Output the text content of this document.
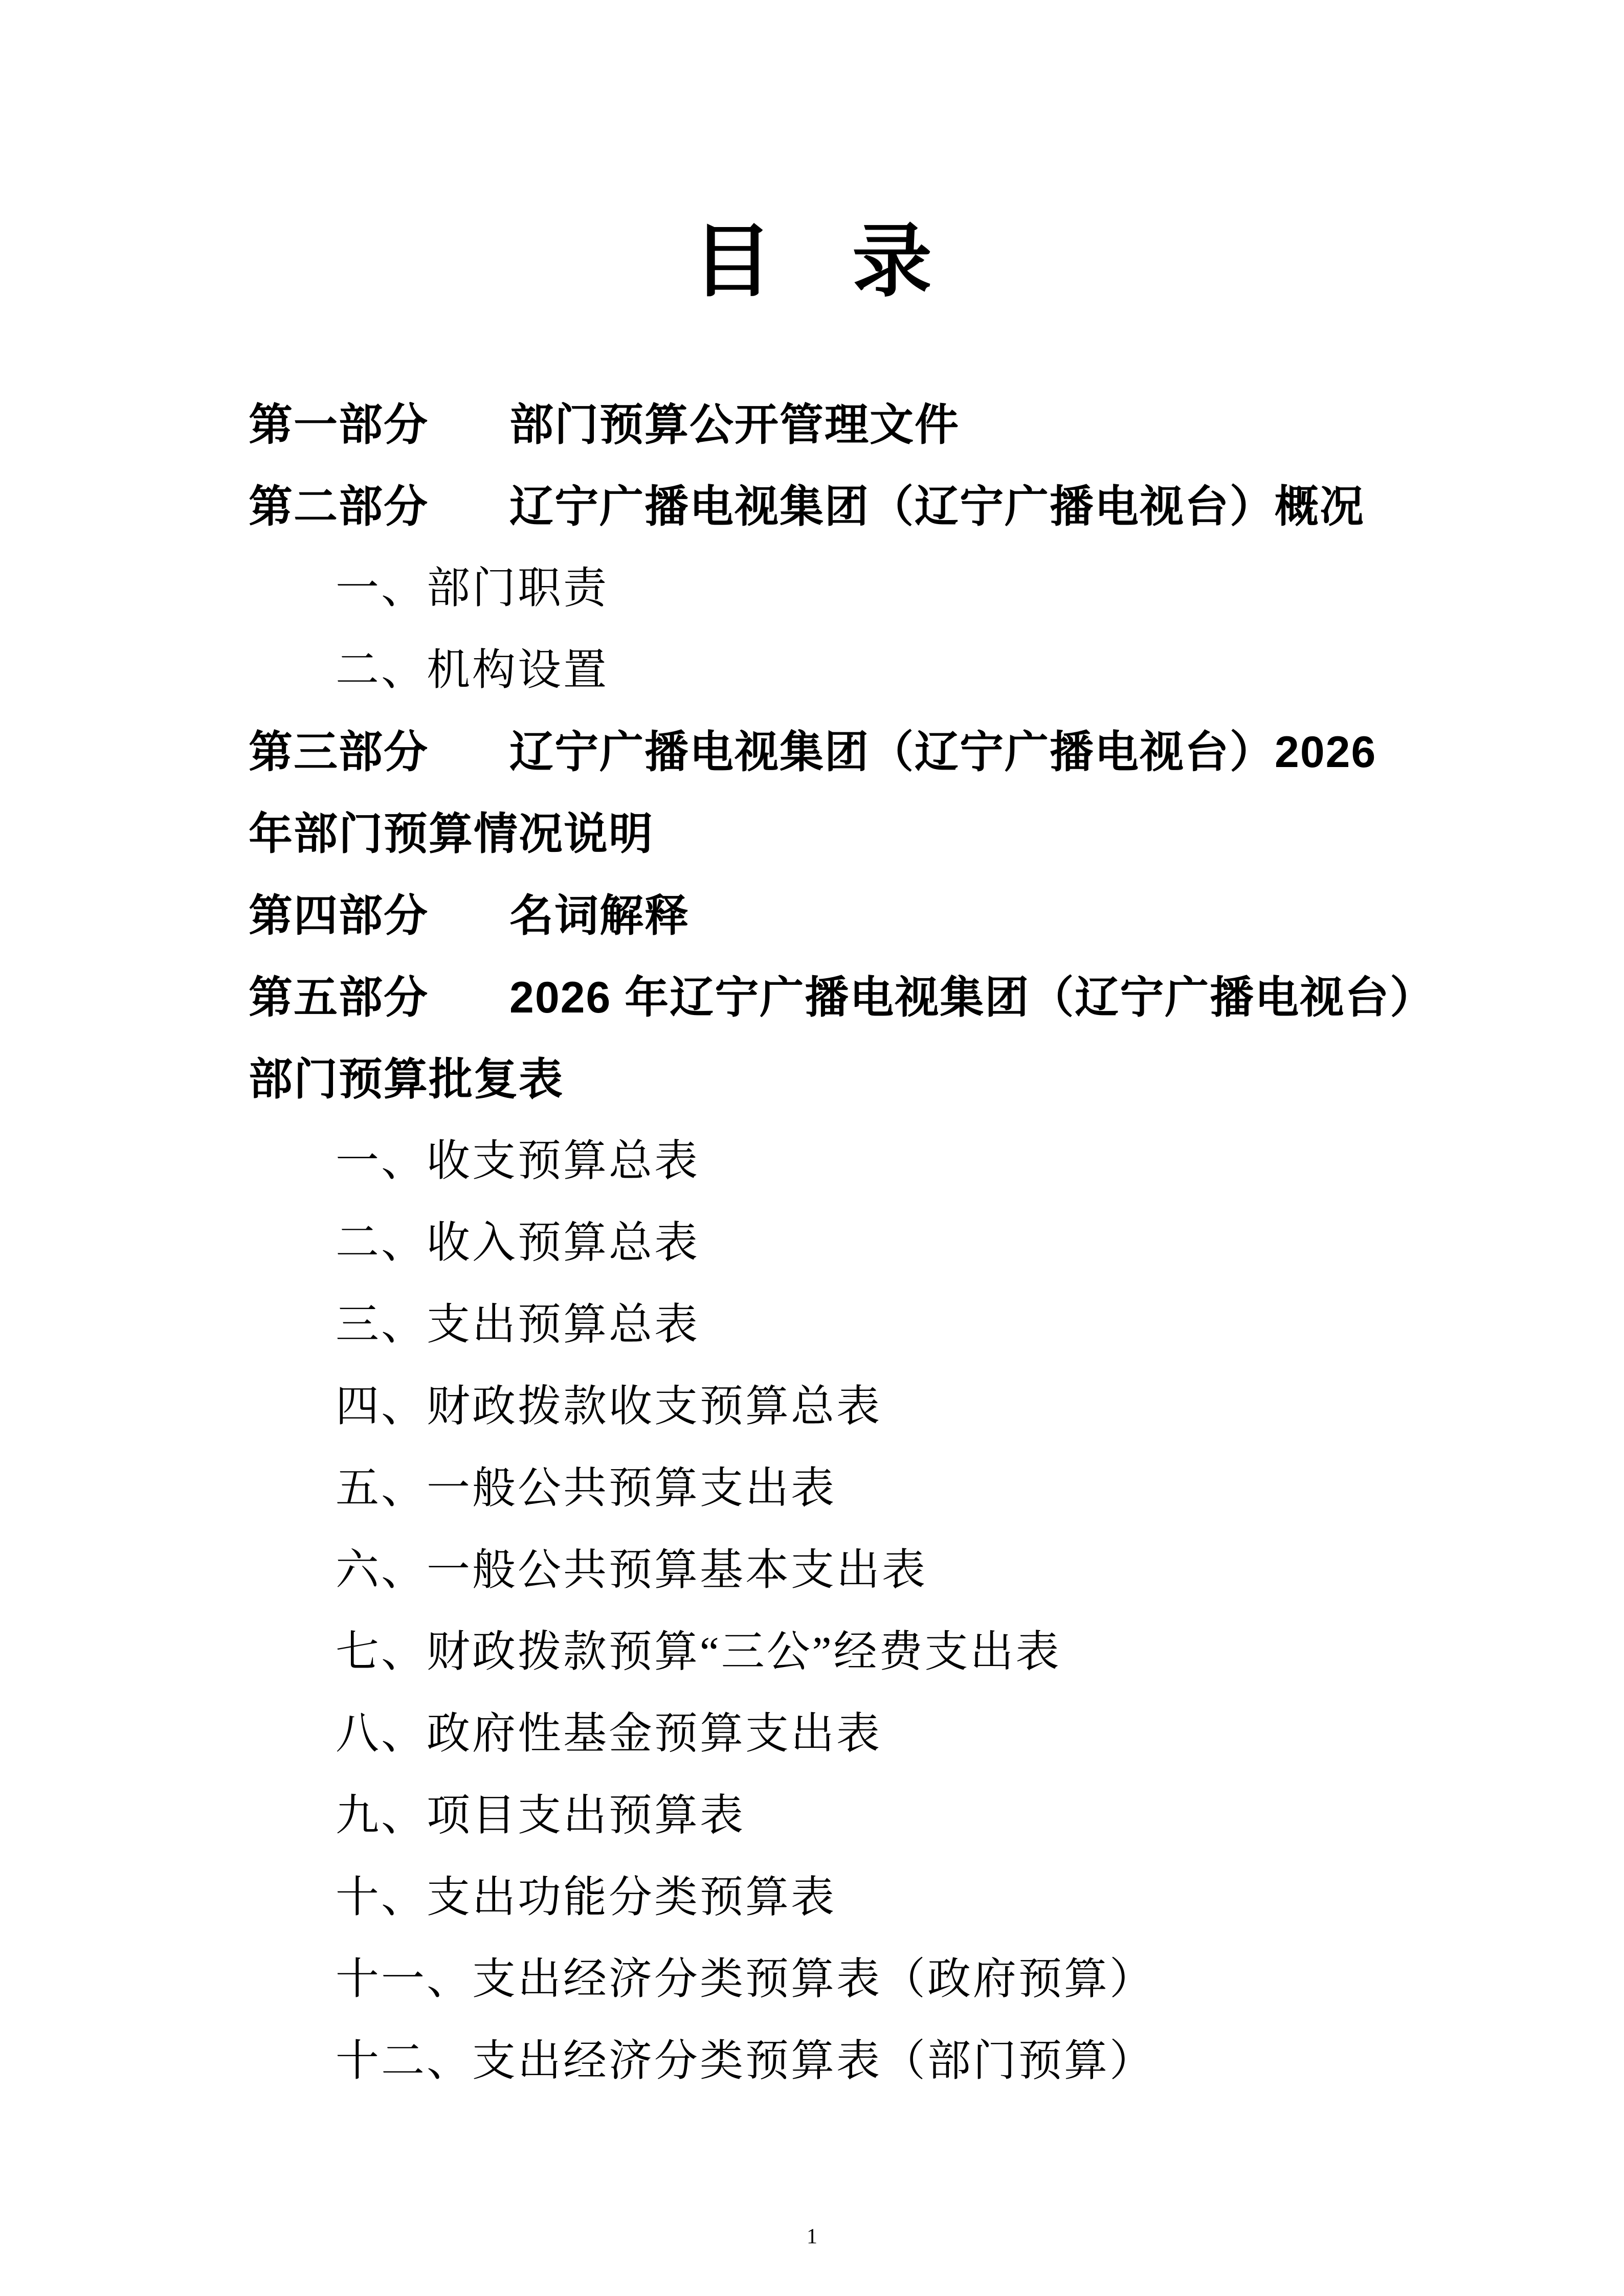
目　录
第一部分 部门预算公开管理文件
第二部分 辽宁广播电视集团（辽宁广播电视台）概况
一、部门职责
二、机构设置
第三部分 辽宁广播电视集团（辽宁广播电视台）2026
年部门预算情况说明
第四部分 名词解释
第五部分 2026 年辽宁广播电视集团（辽宁广播电视台）
部门预算批复表
一、收支预算总表
二、收入预算总表
三、支出预算总表
四、财政拨款收支预算总表
五、一般公共预算支出表
六、一般公共预算基本支出表
七、财政拨款预算“三公”经费支出表
八、政府性基金预算支出表
九、项目支出预算表
十、支出功能分类预算表
十一、支出经济分类预算表（政府预算）
十二、支出经济分类预算表（部门预算）
1
